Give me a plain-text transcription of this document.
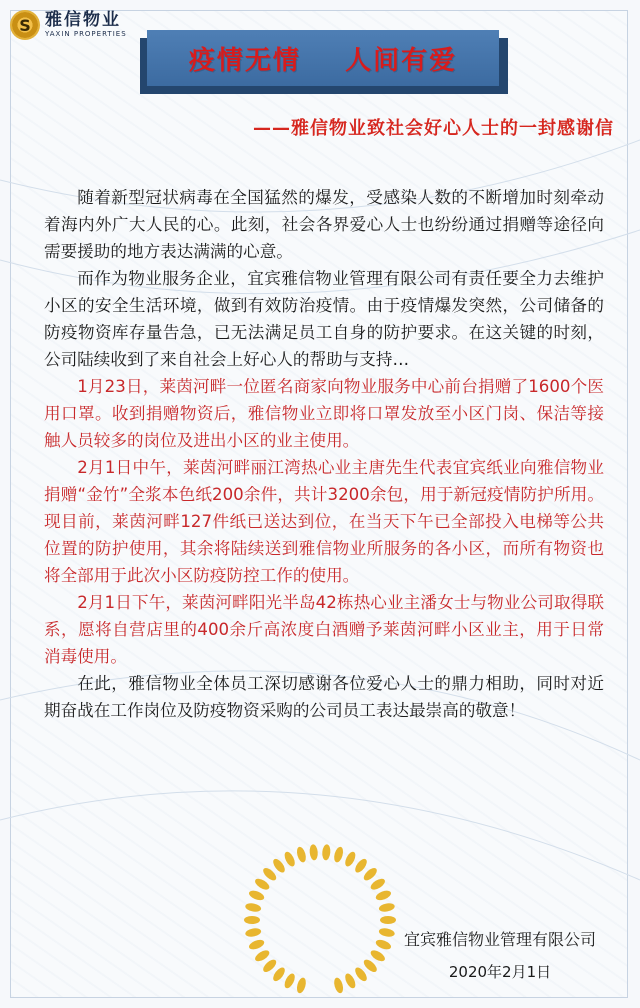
S 雅信物业
YAXIN PROPERTIES
疫情无情    人间有爱
——雅信物业致社会好心人士的一封感谢信

随着新型冠状病毒在全国猛然的爆发，受感染人数的不断增加时刻牵动着海内外广大人民的心。此刻，社会各界爱心人士也纷纷通过捐赠等途径向需要援助的地方表达满满的心意。

而作为物业服务企业，宜宾雅信物业管理有限公司有责任要全力去维护小区的安全生活环境，做到有效防治疫情。由于疫情爆发突然，公司储备的防疫物资库存量告急，已无法满足员工自身的防护要求。在这关键的时刻，公司陆续收到了来自社会上好心人的帮助与支持…

1月23日，莱茵河畔一位匿名商家向物业服务中心前台捐赠了1600个医用口罩。收到捐赠物资后，雅信物业立即将口罩发放至小区门岗、保洁等接触人员较多的岗位及进出小区的业主使用。

2月1日中午，莱茵河畔丽江湾热心业主唐先生代表宜宾纸业向雅信物业捐赠“金竹”全浆本色纸200余件，共计3200余包，用于新冠疫情防护所用。现目前，莱茵河畔127件纸已送达到位，在当天下午已全部投入电梯等公共位置的防护使用，其余将陆续送到雅信物业所服务的各小区，而所有物资也将全部用于此次小区防疫防控工作的使用。

2月1日下午，莱茵河畔阳光半岛42栋热心业主潘女士与物业公司取得联系，愿将自营店里的400余斤高浓度白酒赠予莱茵河畔小区业主，用于日常消毒使用。

在此，雅信物业全体员工深切感谢各位爱心人士的鼎力相助，同时对近期奋战在工作岗位及防疫物资采购的公司员工表达最崇高的敬意！

宜宾雅信物业管理有限公司
2020年2月1日
